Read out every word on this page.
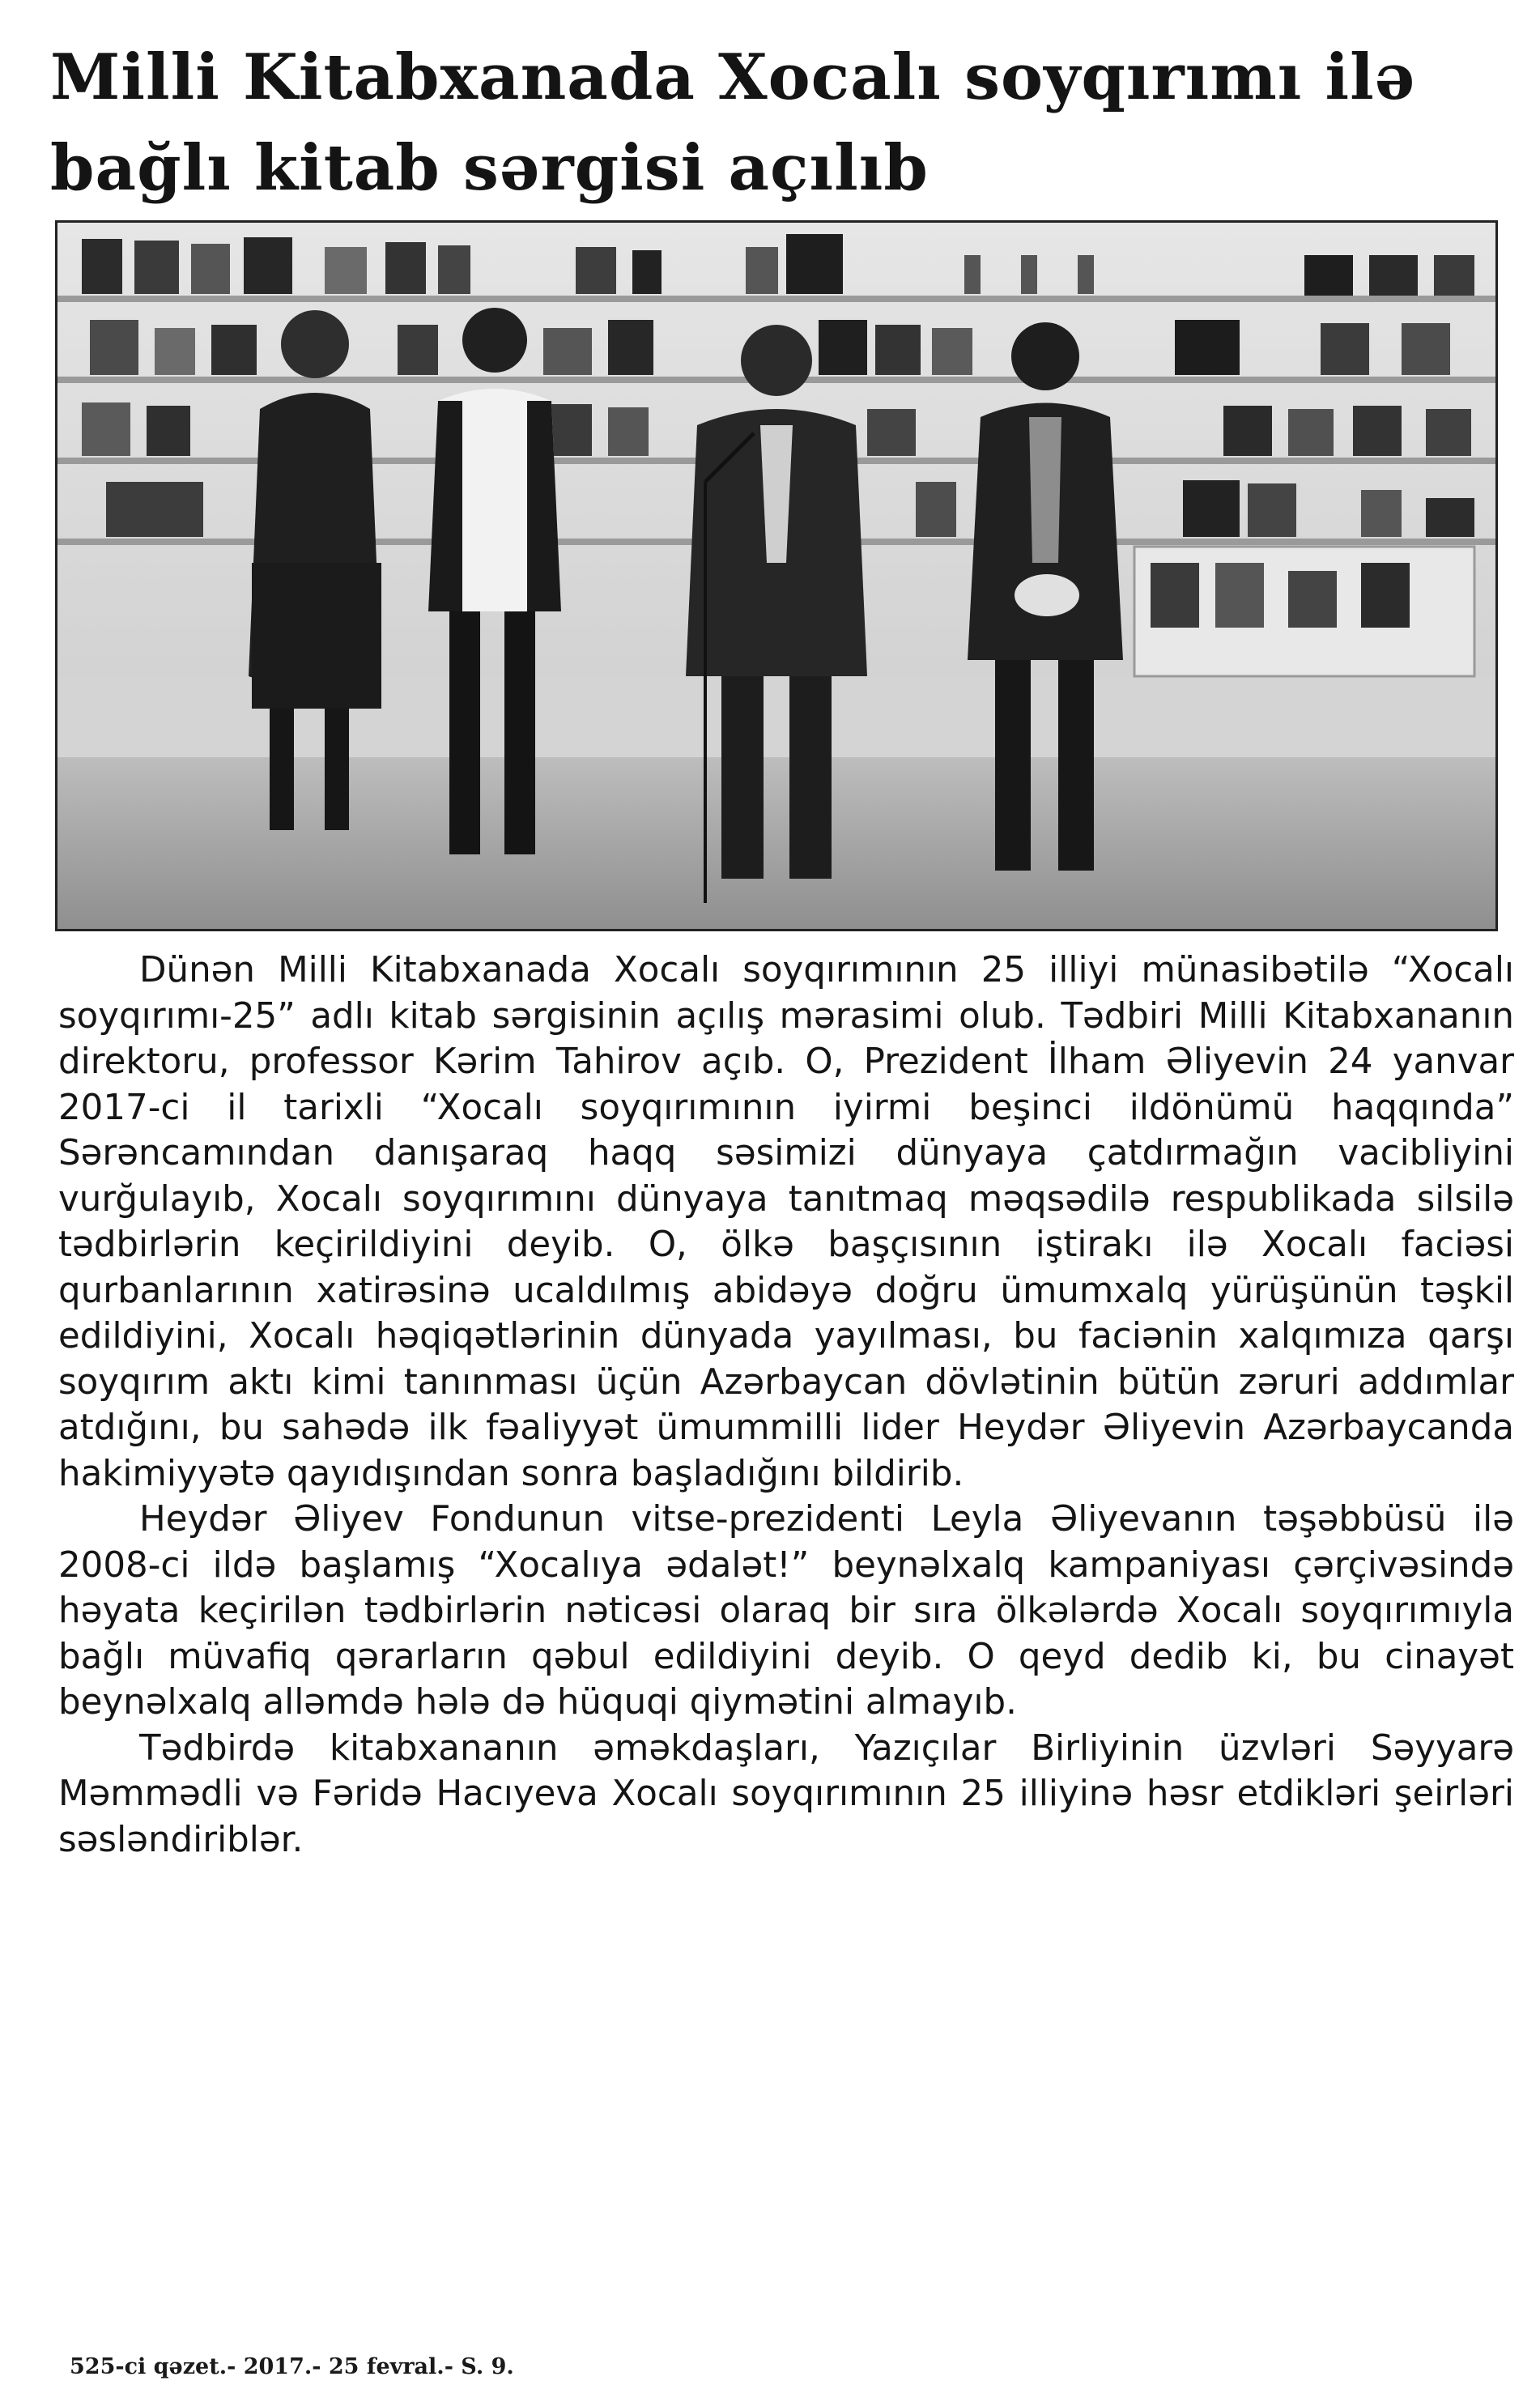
Milli Kitabxanada Xocalı soyqırımı ilə
bağlı kitab sərgisi açılıb

Dünən Milli Kitabxanada Xocalı soyqırımının 25 illiyi münasibətilə “Xocalı soyqırımı-25” adlı kitab sərgisinin açılış mərasimi olub. Tədbiri Milli Kitabxananın direktoru, professor Kərim Tahirov açıb. O, Prezident İlham Əliyevin 24 yanvar 2017-ci il tarixli “Xocalı soyqırımının iyirmi beşinci ildönümü haqqında” Sərəncamından danışaraq haqq səsimizi dünyaya çatdırmağın vacibliyini vurğulayıb, Xocalı soyqırımını dünyaya tanıtmaq məqsədilə respublikada silsilə tədbirlərin keçirildiyini deyib. O, ölkə başçısının iştirakı ilə Xocalı faciəsi qurbanlarının xatirəsinə ucaldılmış abidəyə doğru ümumxalq yürüşünün təşkil edildiyini, Xocalı həqiqətlərinin dünyada yayılması, bu faciənin xalqımıza qarşı soyqırım aktı kimi tanınması üçün Azərbaycan dövlətinin bütün zəruri addımlar atdığını, bu sahədə ilk fəaliyyət ümummilli lider Heydər Əliyevin Azərbaycanda hakimiyyətə qayıdışından sonra başladığını bildirib.

Heydər Əliyev Fondunun vitse-prezidenti Leyla Əliyevanın təşəbbüsü ilə 2008-ci ildə başlamış “Xocalıya ədalət!” beynəlxalq kampaniyası çərçivəsində həyata keçirilən tədbirlərin nəticəsi olaraq bir sıra ölkələrdə Xocalı soyqırımıyla bağlı müvafiq qərarların qəbul edildiyini deyib. O qeyd dedib ki, bu cinayət beynəlxalq alləmdə hələ də hüquqi qiymətini almayıb.

Tədbirdə kitabxananın əməkdaşları, Yazıçılar Birliyinin üzvləri Səyyarə Məmmədli və Fəridə Hacıyeva Xocalı soyqırımının 25 illiyinə həsr etdikləri şeirləri səsləndiriblər.

525-ci qəzet.- 2017.- 25 fevral.- S. 9.
